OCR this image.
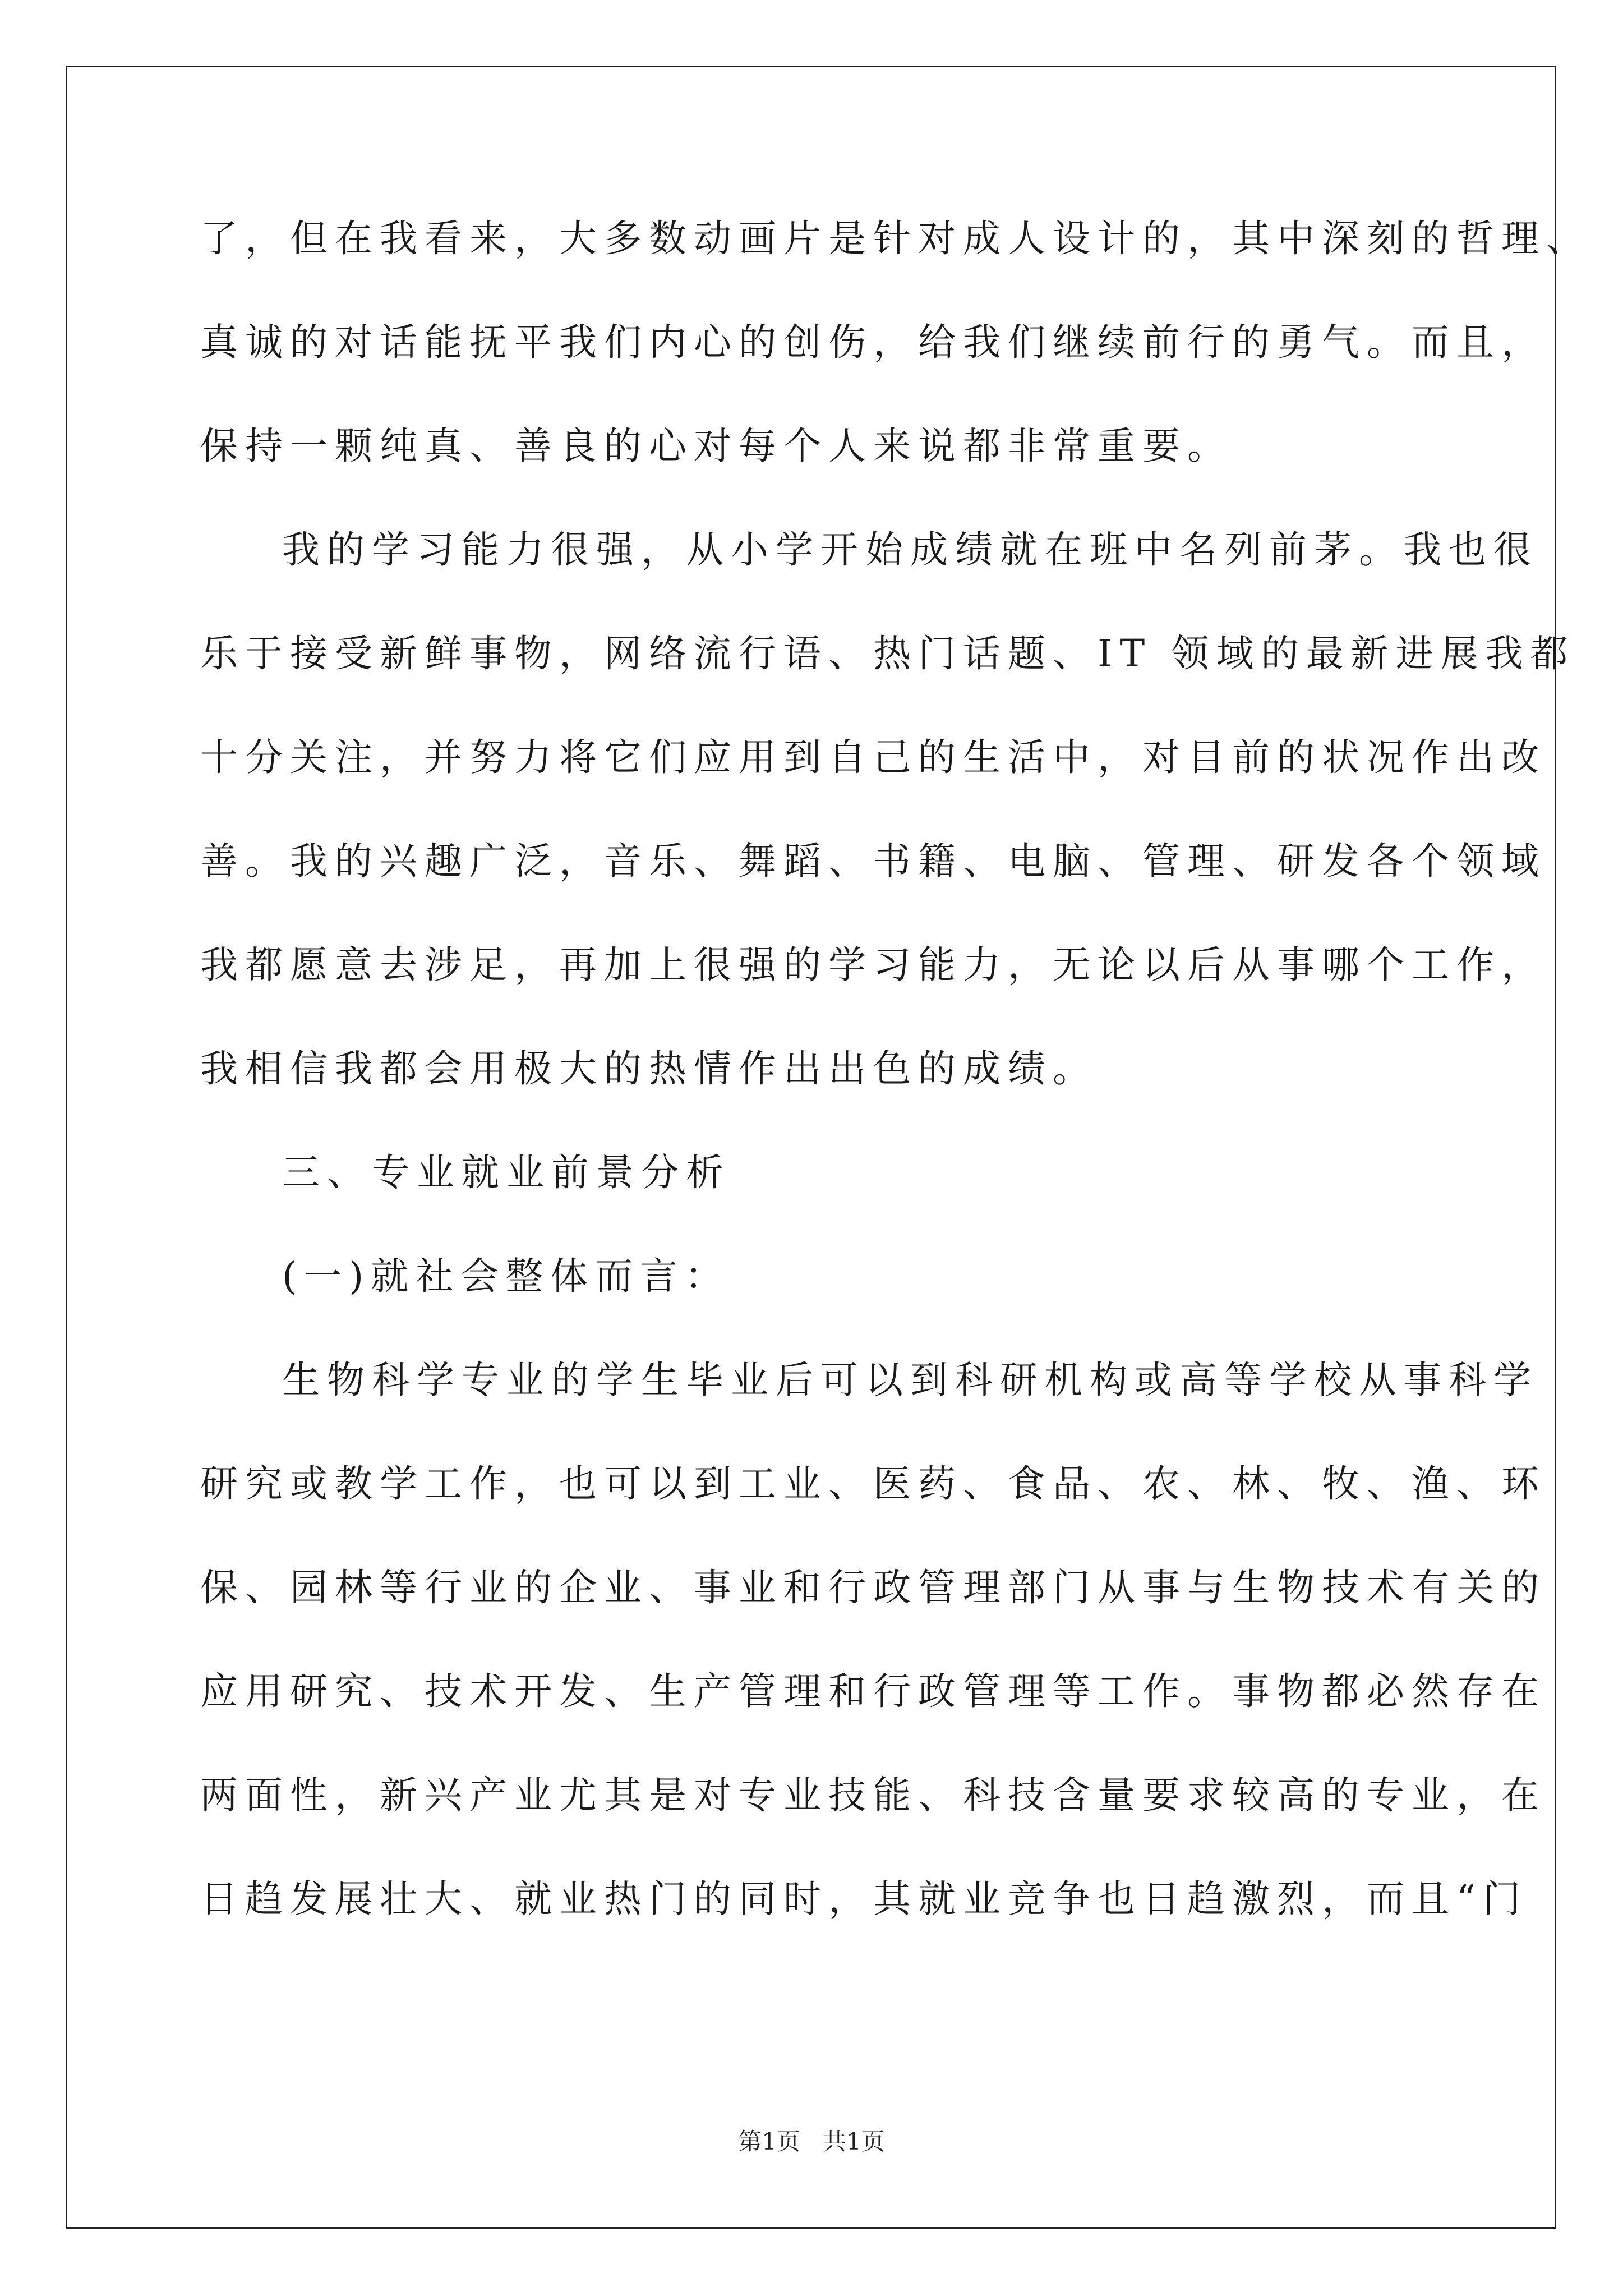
了，但在我看来，大多数动画片是针对成人设计的，其中深刻的哲理、
真诚的对话能抚平我们内心的创伤，给我们继续前行的勇气。而且，
保持一颗纯真、善良的心对每个人来说都非常重要。
我的学习能力很强，从小学开始成绩就在班中名列前茅。我也很
乐于接受新鲜事物，网络流行语、热门话题、IT 领域的最新进展我都
十分关注，并努力将它们应用到自己的生活中，对目前的状况作出改
善。我的兴趣广泛，音乐、舞蹈、书籍、电脑、管理、研发各个领域
我都愿意去涉足，再加上很强的学习能力，无论以后从事哪个工作，
我相信我都会用极大的热情作出出色的成绩。
三、专业就业前景分析
(一)就社会整体而言：
生物科学专业的学生毕业后可以到科研机构或高等学校从事科学
研究或教学工作，也可以到工业、医药、食品、农、林、牧、渔、环
保、园林等行业的企业、事业和行政管理部门从事与生物技术有关的
应用研究、技术开发、生产管理和行政管理等工作。事物都必然存在
两面性，新兴产业尤其是对专业技能、科技含量要求较高的专业，在
日趋发展壮大、就业热门的同时，其就业竞争也日趋激烈，而且“门
第1页   共1页
